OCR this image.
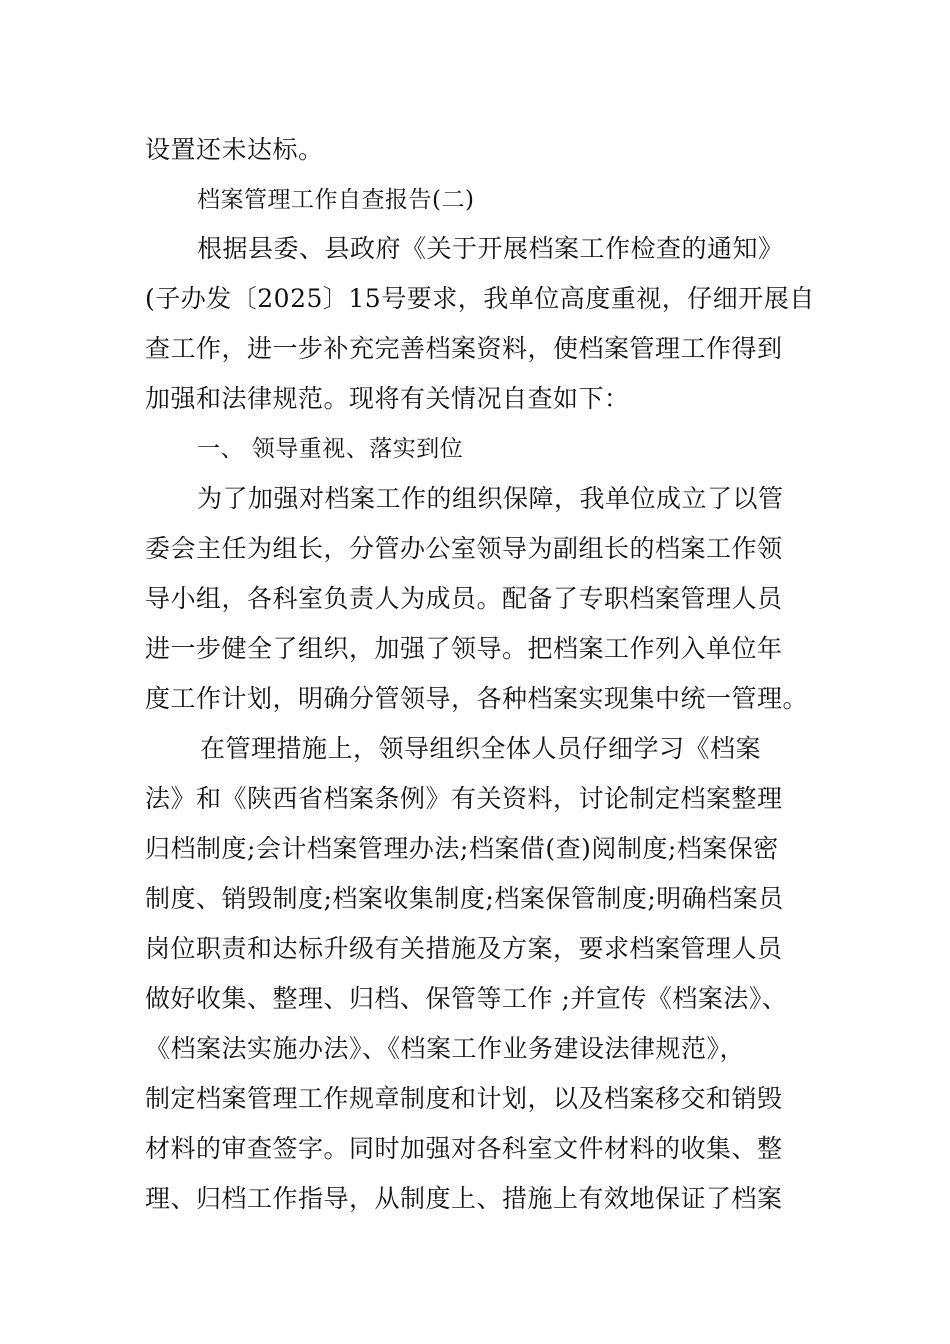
设置还未达标。
档案管理工作自查报告(二)
根据县委、县政府《关于开展档案工作检查的通知》
(子办发〔2025〕15号要求，我单位高度重视，仔细开展自
查工作，进一步补充完善档案资料，使档案管理工作得到
加强和法律规范。现将有关情况自查如下：
一、 领导重视、落实到位
为了加强对档案工作的组织保障，我单位成立了以管
委会主任为组长，分管办公室领导为副组长的档案工作领
导小组，各科室负责人为成员。配备了专职档案管理人员
进一步健全了组织，加强了领导。把档案工作列入单位年
度工作计划，明确分管领导，各种档案实现集中统一管理。
在管理措施上，领导组织全体人员仔细学习《档案
法》和《陕西省档案条例》有关资料，讨论制定档案整理
归档制度;会计档案管理办法;档案借(查)阅制度;档案保密
制度、销毁制度;档案收集制度;档案保管制度;明确档案员
岗位职责和达标升级有关措施及方案，要求档案管理人员
做好收集、整理、归档、保管等工作 ;并宣传《档案法》、
《档案法实施办法》、《档案工作业务建设法律规范》，
制定档案管理工作规章制度和计划，以及档案移交和销毁
材料的审查签字。同时加强对各科室文件材料的收集、整
理、归档工作指导，从制度上、措施上有效地保证了档案
